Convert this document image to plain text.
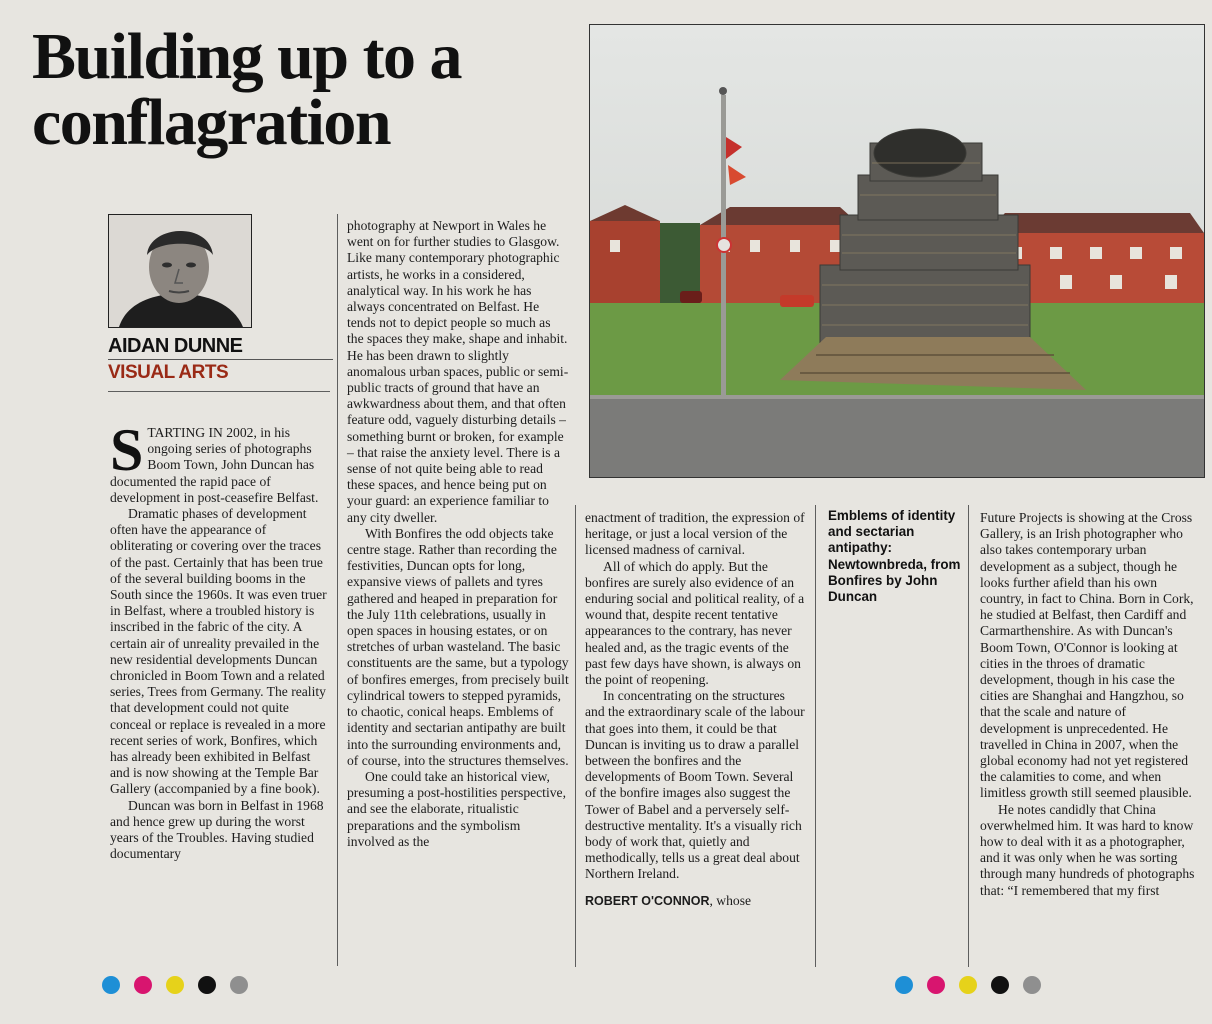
Building up to a conflagration
AIDAN DUNNE
VISUAL ARTS

STARTING IN 2002, in his ongoing series of photographs Boom Town, John Duncan has documented the rapid pace of development in post-ceasefire Belfast.

Dramatic phases of development often have the appearance of obliterating or covering over the traces of the past. Certainly that has been true of the several building booms in the South since the 1960s. It was even truer in Belfast, where a troubled history is inscribed in the fabric of the city. A certain air of unreality prevailed in the new residential developments Duncan chronicled in Boom Town and a related series, Trees from Germany. The reality that development could not quite conceal or replace is revealed in a more recent series of work, Bonfires, which has already been exhibited in Belfast and is now showing at the Temple Bar Gallery (accompanied by a fine book).

Duncan was born in Belfast in 1968 and hence grew up during the worst years of the Troubles. Having studied documentary

photography at Newport in Wales he went on for further studies to Glasgow. Like many contemporary photographic artists, he works in a considered, analytical way. In his work he has always concentrated on Belfast. He tends not to depict people so much as the spaces they make, shape and inhabit. He has been drawn to slightly anomalous urban spaces, public or semi-public tracts of ground that have an awkwardness about them, and that often feature odd, vaguely disturbing details – something burnt or broken, for example – that raise the anxiety level. There is a sense of not quite being able to read these spaces, and hence being put on your guard: an experience familiar to any city dweller.

With Bonfires the odd objects take centre stage. Rather than recording the festivities, Duncan opts for long, expansive views of pallets and tyres gathered and heaped in preparation for the July 11th celebrations, usually in open spaces in housing estates, or on stretches of urban wasteland. The basic constituents are the same, but a typology of bonfires emerges, from precisely built cylindrical towers to stepped pyramids, to chaotic, conical heaps. Emblems of identity and sectarian antipathy are built into the surrounding environments and, of course, into the structures themselves.

One could take an historical view, presuming a post-hostilities perspective, and see the elaborate, ritualistic preparations and the symbolism involved as the

enactment of tradition, the expression of heritage, or just a local version of the licensed madness of carnival.

All of which do apply. But the bonfires are surely also evidence of an enduring social and political reality, of a wound that, despite recent tentative appearances to the contrary, has never healed and, as the tragic events of the past few days have shown, is always on the point of reopening.

In concentrating on the structures and the extraordinary scale of the labour that goes into them, it could be that Duncan is inviting us to draw a parallel between the bonfires and the developments of Boom Town. Several of the bonfire images also suggest the Tower of Babel and a perversely self-destructive mentality. It's a visually rich body of work that, quietly and methodically, tells us a great deal about Northern Ireland.

ROBERT O'CONNOR, whose

Emblems of identity and sectarian antipathy: Newtownbreda, from Bonfires by John Duncan

Future Projects is showing at the Cross Gallery, is an Irish photographer who also takes contemporary urban development as a subject, though he looks further afield than his own country, in fact to China. Born in Cork, he studied at Belfast, then Cardiff and Carmarthenshire. As with Duncan's Boom Town, O'Connor is looking at cities in the throes of dramatic development, though in his case the cities are Shanghai and Hangzhou, so that the scale and nature of development is unprecedented. He travelled in China in 2007, when the global economy had not yet registered the calamities to come, and when limitless growth still seemed plausible.

He notes candidly that China overwhelmed him. It was hard to know how to deal with it as a photographer, and it was only when he was sorting through many hundreds of photographs that: “I remembered that my first
